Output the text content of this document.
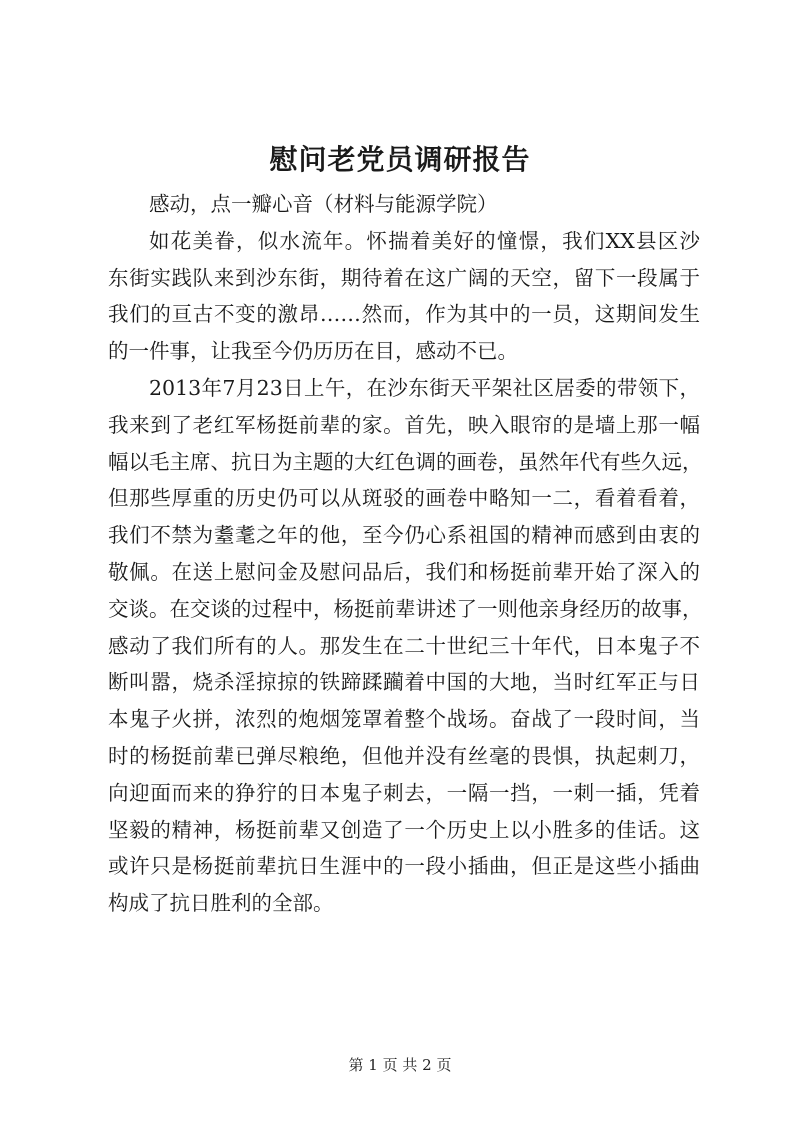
慰问老党员调研报告
感动，点一瓣心音（材料与能源学院）
如花美眷，似水流年。怀揣着美好的憧憬，我们XX县区沙
东街实践队来到沙东街，期待着在这广阔的天空，留下一段属于
我们的亘古不变的激昂……然而，作为其中的一员，这期间发生
的一件事，让我至今仍历历在目，感动不已。
2013年7月23日上午，在沙东街天平架社区居委的带领下，
我来到了老红军杨挺前辈的家。首先，映入眼帘的是墙上那一幅
幅以毛主席、抗日为主题的大红色调的画卷，虽然年代有些久远，
但那些厚重的历史仍可以从斑驳的画卷中略知一二，看着看着，
我们不禁为耋耄之年的他，至今仍心系祖国的精神而感到由衷的
敬佩。在送上慰问金及慰问品后，我们和杨挺前辈开始了深入的
交谈。在交谈的过程中，杨挺前辈讲述了一则他亲身经历的故事，
感动了我们所有的人。那发生在二十世纪三十年代，日本鬼子不
断叫嚣，烧杀淫掠掠的铁蹄蹂躏着中国的大地，当时红军正与日
本鬼子火拼，浓烈的炮烟笼罩着整个战场。奋战了一段时间，当
时的杨挺前辈已弹尽粮绝，但他并没有丝毫的畏惧，执起刺刀，
向迎面而来的狰狞的日本鬼子刺去，一隔一挡，一刺一插，凭着
坚毅的精神，杨挺前辈又创造了一个历史上以小胜多的佳话。这
或许只是杨挺前辈抗日生涯中的一段小插曲，但正是这些小插曲
构成了抗日胜利的全部。
第 1 页 共 2 页
